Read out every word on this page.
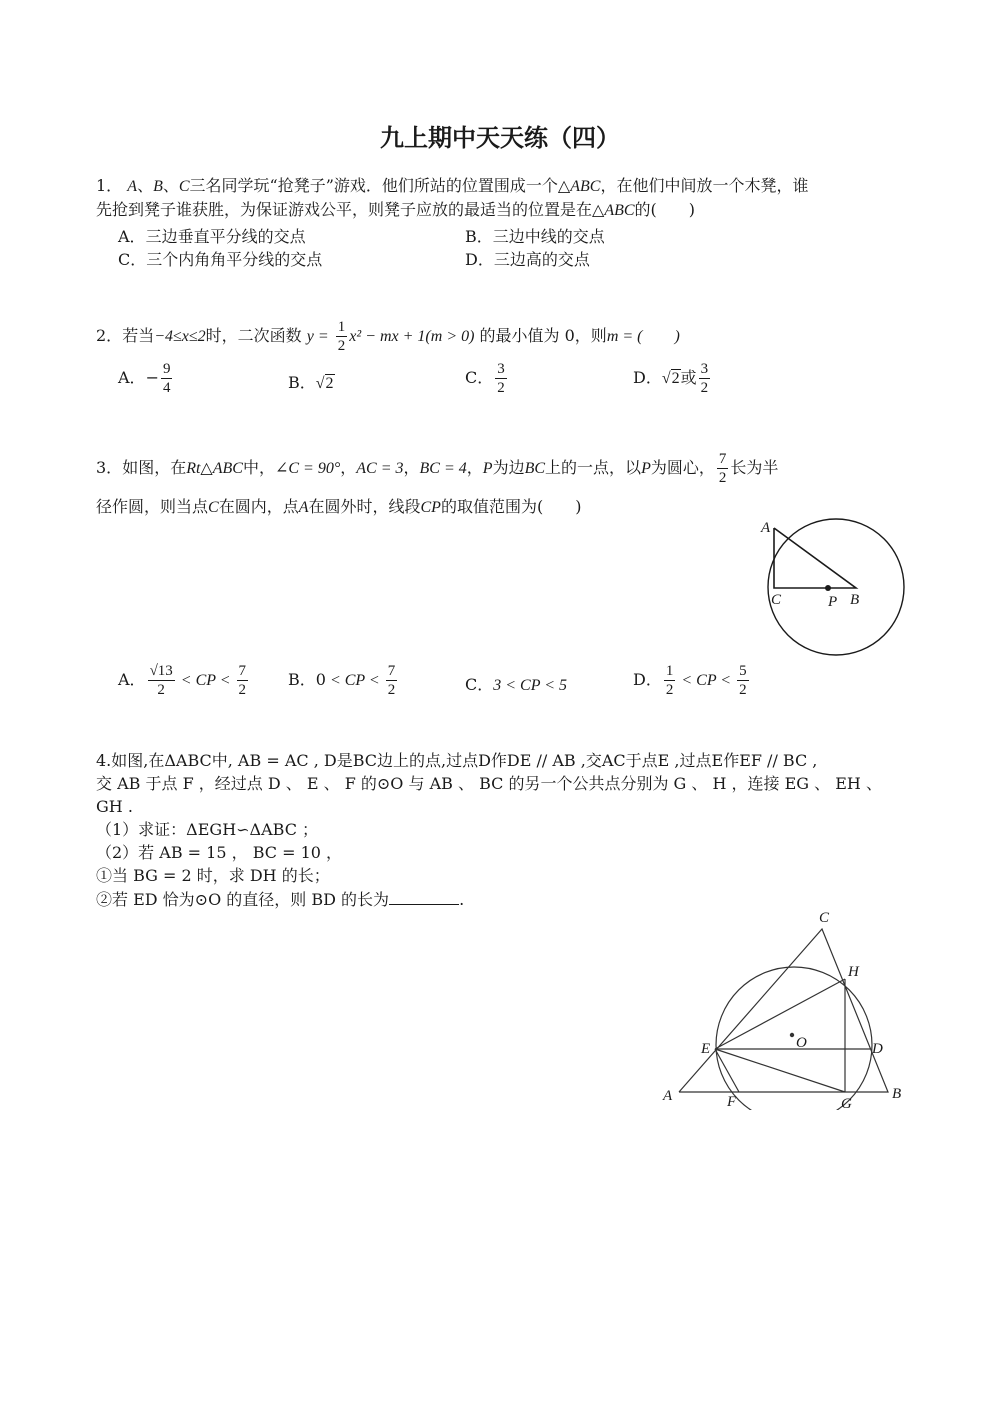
九上期中天天练（四）
1． A、B、C三名同学玩“抢凳子”游戏．他们所站的位置围成一个△ABC，在他们中间放一个木凳，谁
先抢到凳子谁获胜，为保证游戏公平，则凳子应放的最适当的位置是在△ABC的(　　)
A．三边垂直平分线的交点	B．三边中线的交点
C．三个内角角平分线的交点	D．三边高的交点
2．若当−4≤x≤2时，二次函数 $y = \frac{1}{2} x^2$ − mx + 1(m > 0) 的最小值为 0，则m = (　　)
A．− $\frac{9}{4}$	B．√2	C． $\frac{3}{2}$	D．√2或 $\frac{3}{2}$
3．如图，在Rt△ABC中，∠C = 90°，AC = 3，BC = 4，P为边BC上的一点，以P为圆心， $\frac{7}{2}$ 长为半
径作圆，则当点C在圆内，点A在圆外时，线段CP的取值范围为(　　)
A
C	P B
A． $\frac{√13}{2}$ < CP < $\frac{7}{2}$ B．0 < CP < $\frac{7}{2}$	C．3 < CP < 5	D． $\frac{1}{2}$ < CP < $\frac{5}{2}$
4.如图,在ΔABC中, AB = AC , D是BC边上的点,过点D作DE // AB ,交AC于点E ,过点E作EF // BC ,
交 AB 于点 F ，经过点 D 、 E 、 F 的⊙O 与 AB 、 BC 的另一个公共点分别为 G 、 H ，连接 EG 、 EH 、
GH .
（1）求证：ΔEGH∽ΔABC ；
（2）若 AB = 15 ， BC = 10 ，
①当 BG = 2 时，求 DH 的长；
②若 ED 恰为⊙O 的直径，则 BD 的长为	.
C
H
O
E	D
A	F	G
B
